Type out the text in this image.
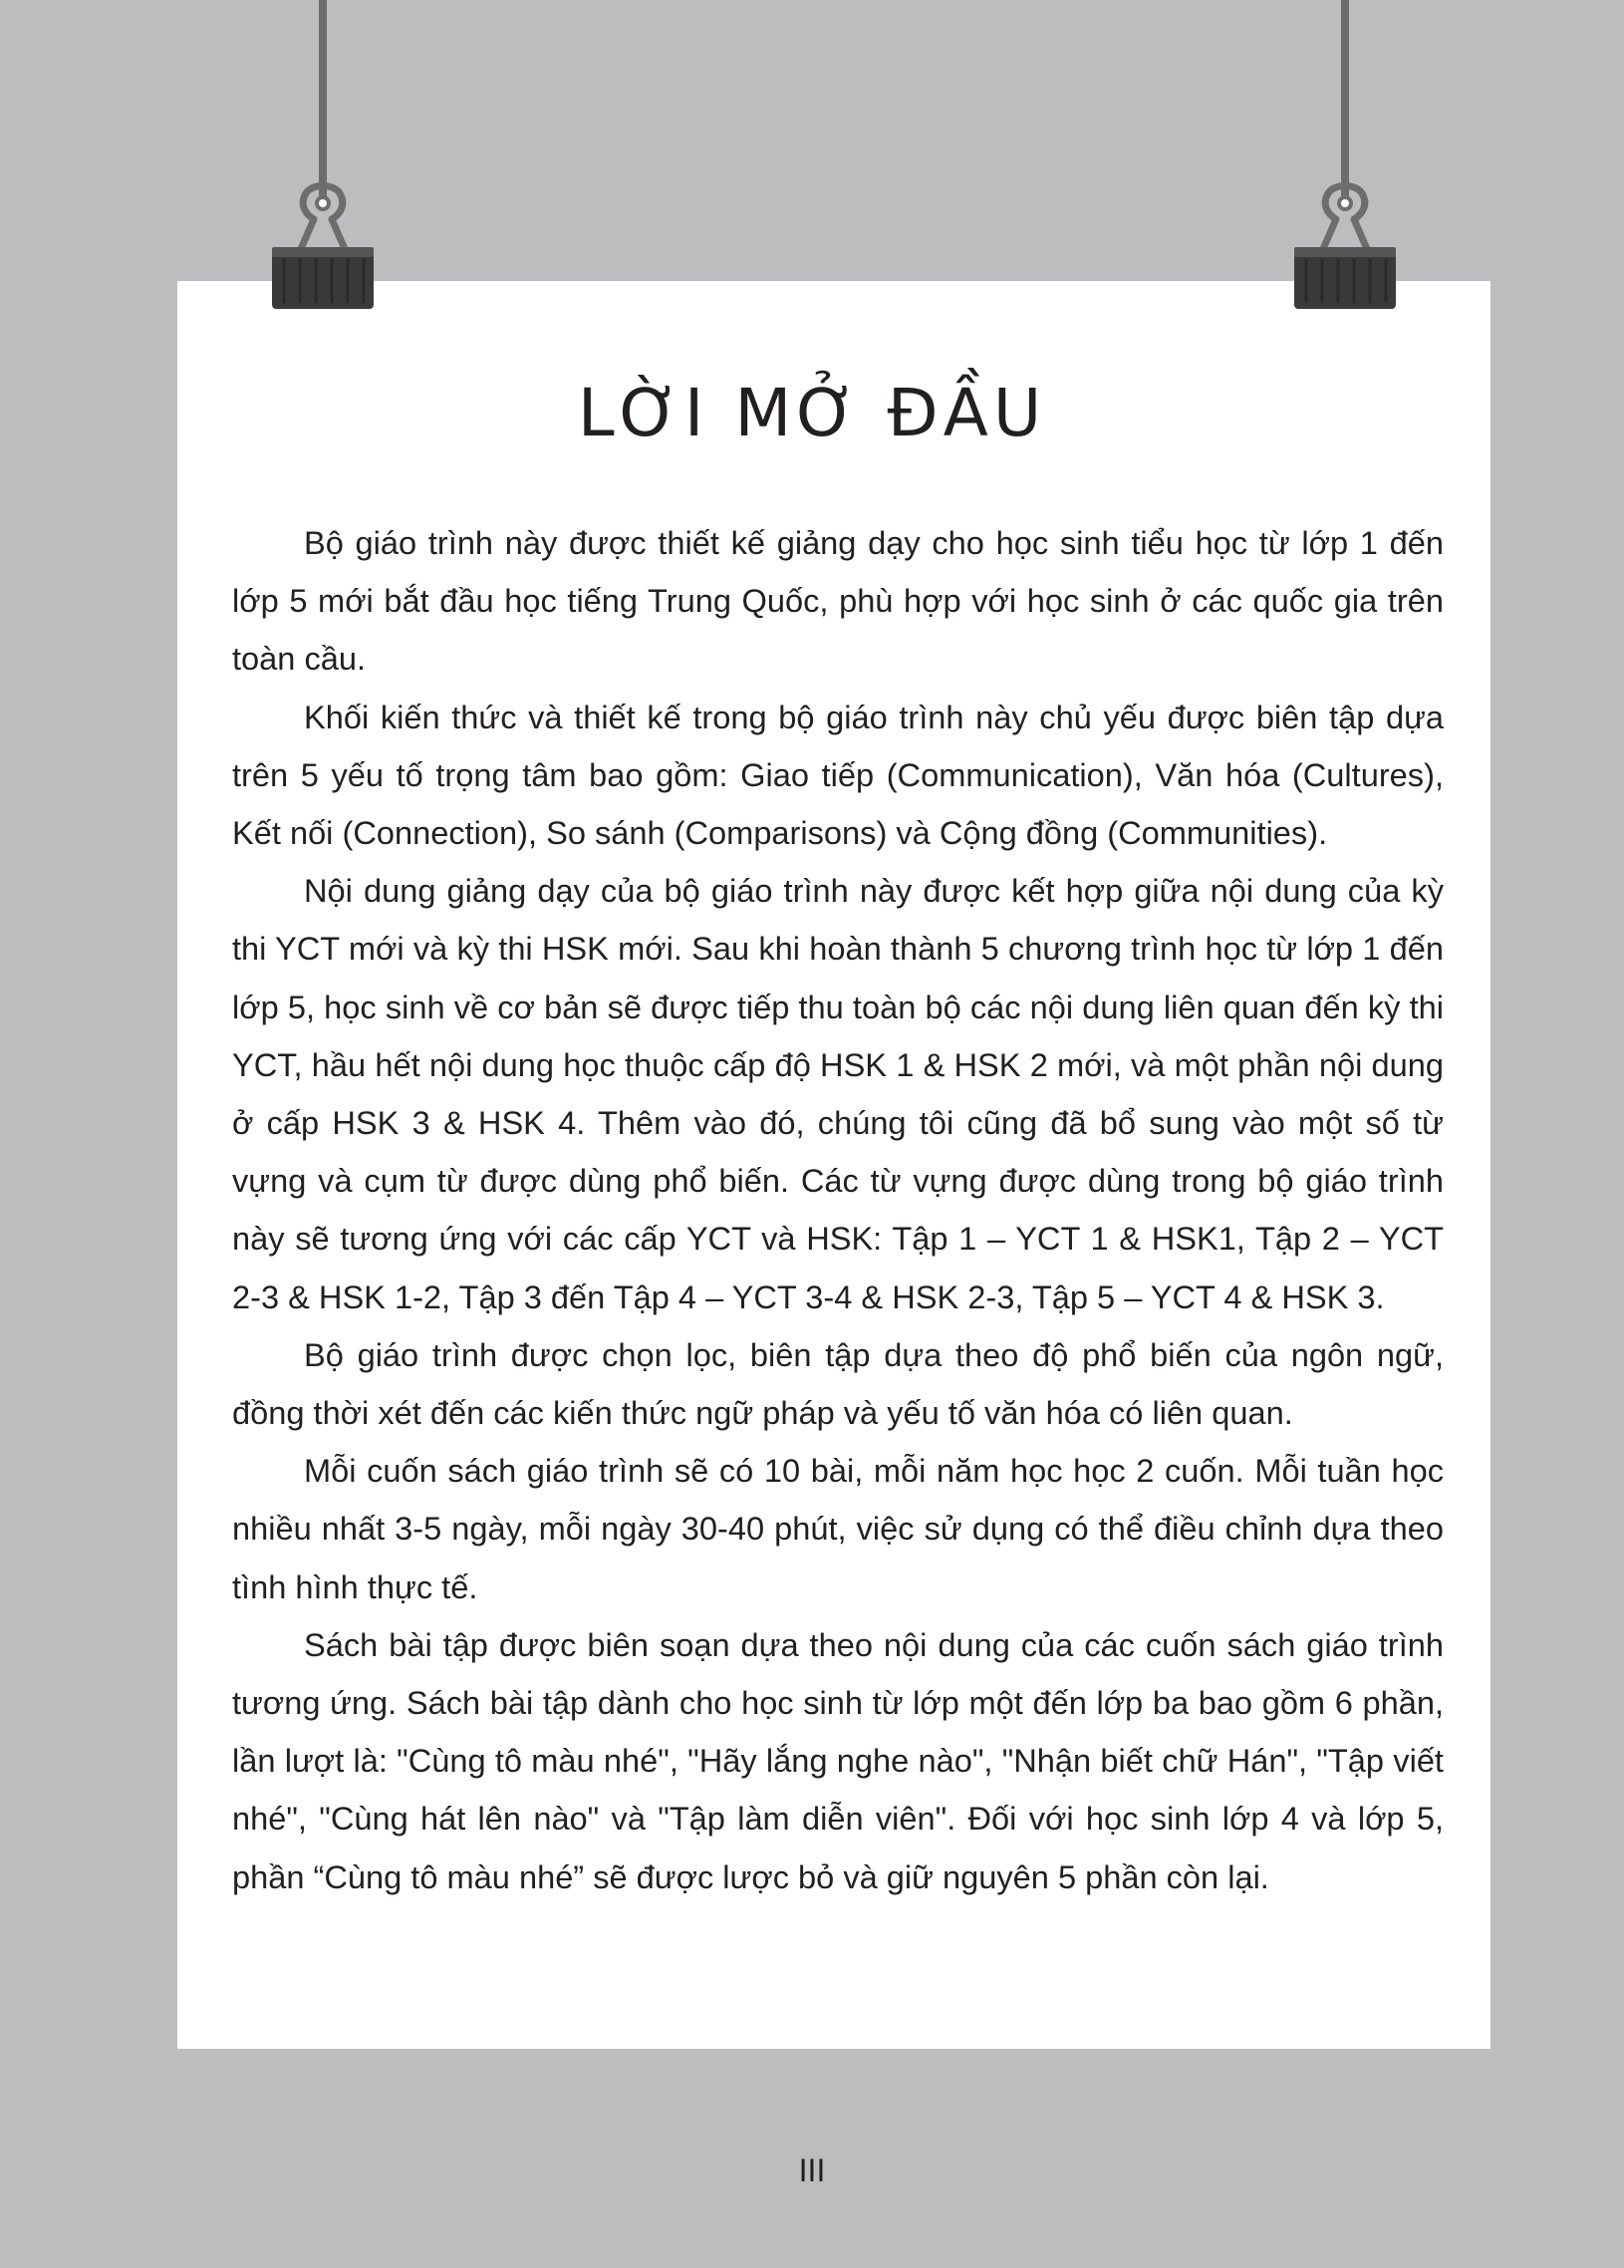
LỜI MỞ ĐẦU

Bộ giáo trình này được thiết kế giảng dạy cho học sinh tiểu học từ lớp 1 đến lớp 5 mới bắt đầu học tiếng Trung Quốc, phù hợp với học sinh ở các quốc gia trên toàn cầu.

Khối kiến thức và thiết kế trong bộ giáo trình này chủ yếu được biên tập dựa trên 5 yếu tố trọng tâm bao gồm: Giao tiếp (Communication), Văn hóa (Cultures), Kết nối (Connection), So sánh (Comparisons) và Cộng đồng (Communities).

Nội dung giảng dạy của bộ giáo trình này được kết hợp giữa nội dung của kỳ thi YCT mới và kỳ thi HSK mới. Sau khi hoàn thành 5 chương trình học từ lớp 1 đến lớp 5, học sinh về cơ bản sẽ được tiếp thu toàn bộ các nội dung liên quan đến kỳ thi YCT, hầu hết nội dung học thuộc cấp độ HSK 1 & HSK 2 mới, và một phần nội dung ở cấp HSK 3 & HSK 4. Thêm vào đó, chúng tôi cũng đã bổ sung vào một số từ vựng và cụm từ được dùng phổ biến. Các từ vựng được dùng trong bộ giáo trình này sẽ tương ứng với các cấp YCT và HSK: Tập 1 – YCT 1 & HSK1, Tập 2 – YCT 2-3 & HSK 1-2, Tập 3 đến Tập 4 – YCT 3-4 & HSK 2-3, Tập 5 – YCT 4 & HSK 3.

Bộ giáo trình được chọn lọc, biên tập dựa theo độ phổ biến của ngôn ngữ, đồng thời xét đến các kiến thức ngữ pháp và yếu tố văn hóa có liên quan.

Mỗi cuốn sách giáo trình sẽ có 10 bài, mỗi năm học học 2 cuốn. Mỗi tuần học nhiều nhất 3-5 ngày, mỗi ngày 30-40 phút, việc sử dụng có thể điều chỉnh dựa theo tình hình thực tế.

Sách bài tập được biên soạn dựa theo nội dung của các cuốn sách giáo trình tương ứng. Sách bài tập dành cho học sinh từ lớp một đến lớp ba bao gồm 6 phần, lần lượt là: "Cùng tô màu nhé", "Hãy lắng nghe nào", "Nhận biết chữ Hán", "Tập viết nhé", "Cùng hát lên nào" và "Tập làm diễn viên". Đối với học sinh lớp 4 và lớp 5, phần “Cùng tô màu nhé” sẽ được lược bỏ và giữ nguyên 5 phần còn lại.

III
